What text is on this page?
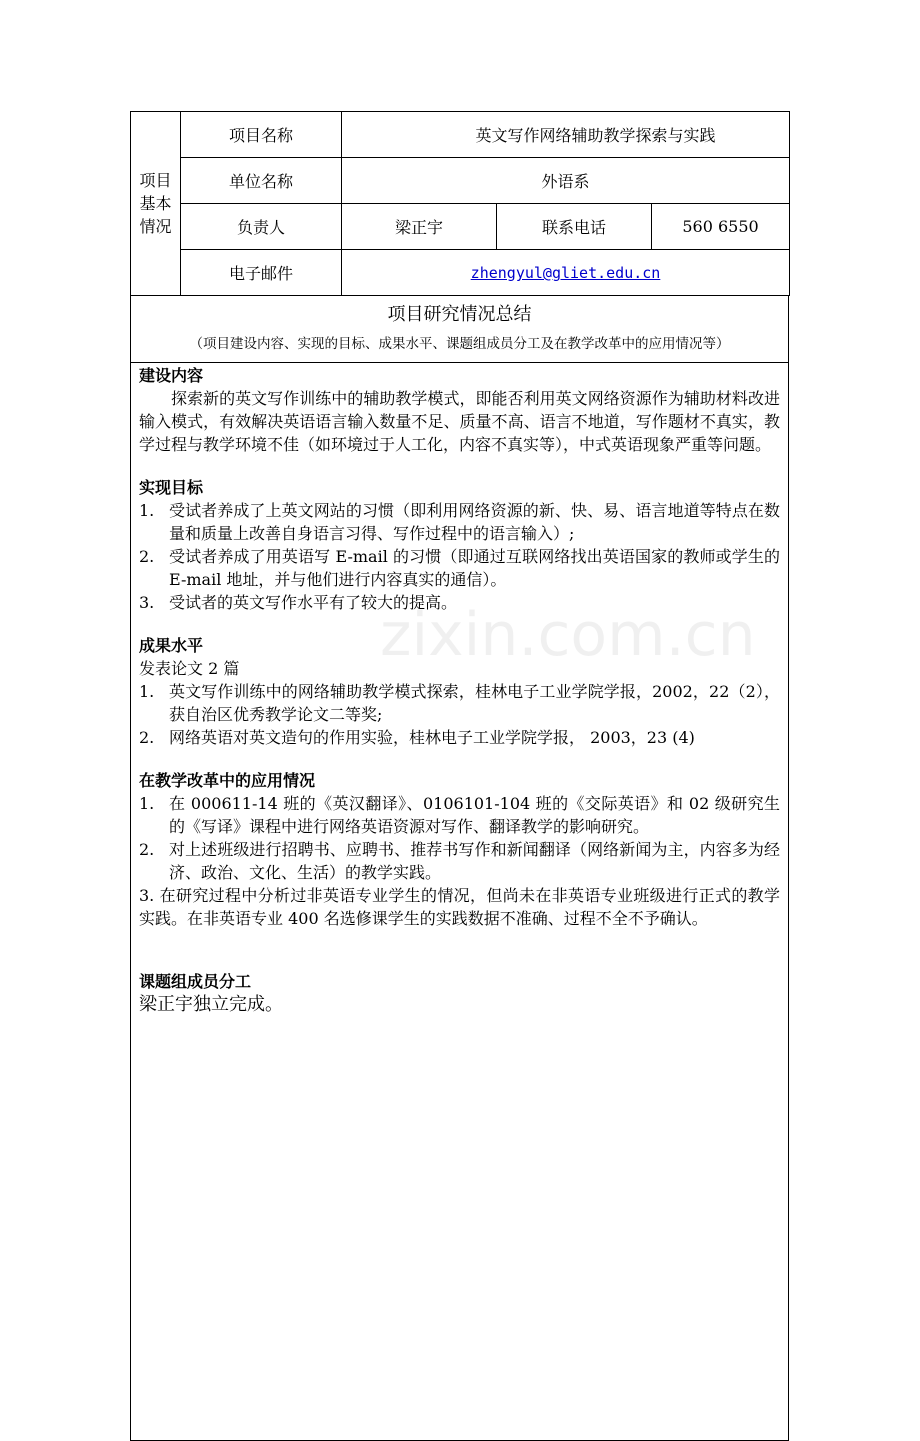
项目
基本
情况	项目名称	英文写作网络辅助教学探索与实践		
	单位名称	外语系		
	负责人	梁正宇	联系电话	560 6550
	电子邮件	zhengyul@gliet.edu.cn		
项目研究情况总结
（项目建设内容、实现的目标、成果水平、课题组成员分工及在教学改革中的应用情况等）
建设内容
探索新的英文写作训练中的辅助教学模式，即能否利用英文网络资源作为辅助材料改进输入模式，有效解决英语语言输入数量不足、质量不高、语言不地道，写作题材不真实，教学过程与教学环境不佳（如环境过于人工化，内容不真实等），中式英语现象严重等问题。
实现目标
1. 受试者养成了上英文网站的习惯（即利用网络资源的新、快、易、语言地道等特点在数量和质量上改善自身语言习得、写作过程中的语言输入）;
2. 受试者养成了用英语写 E-mail 的习惯（即通过互联网络找出英语国家的教师或学生的 E-mail 地址，并与他们进行内容真实的通信）。
3. 受试者的英文写作水平有了较大的提高。
成果水平
发表论文 2 篇
1. 英文写作训练中的网络辅助教学模式探索，桂林电子工业学院学报，2002，22（2）， 获自治区优秀教学论文二等奖;
2. 网络英语对英文造句的作用实验，桂林电子工业学院学报， 2003，23 (4)
在教学改革中的应用情况
1. 在 000611-14 班的《英汉翻译》、0106101-104 班的《交际英语》和 02 级研究生的《写译》课程中进行网络英语资源对写作、翻译教学的影响研究。
2. 对上述班级进行招聘书、应聘书、推荐书写作和新闻翻译（网络新闻为主，内容多为经济、政治、文化、生活）的教学实践。
3. 在研究过程中分析过非英语专业学生的情况，但尚未在非英语专业班级进行正式的教学实践。在非英语专业 400 名选修课学生的实践数据不准确、过程不全不予确认。
课题组成员分工
梁正宇独立完成。
zixin.com.cn
